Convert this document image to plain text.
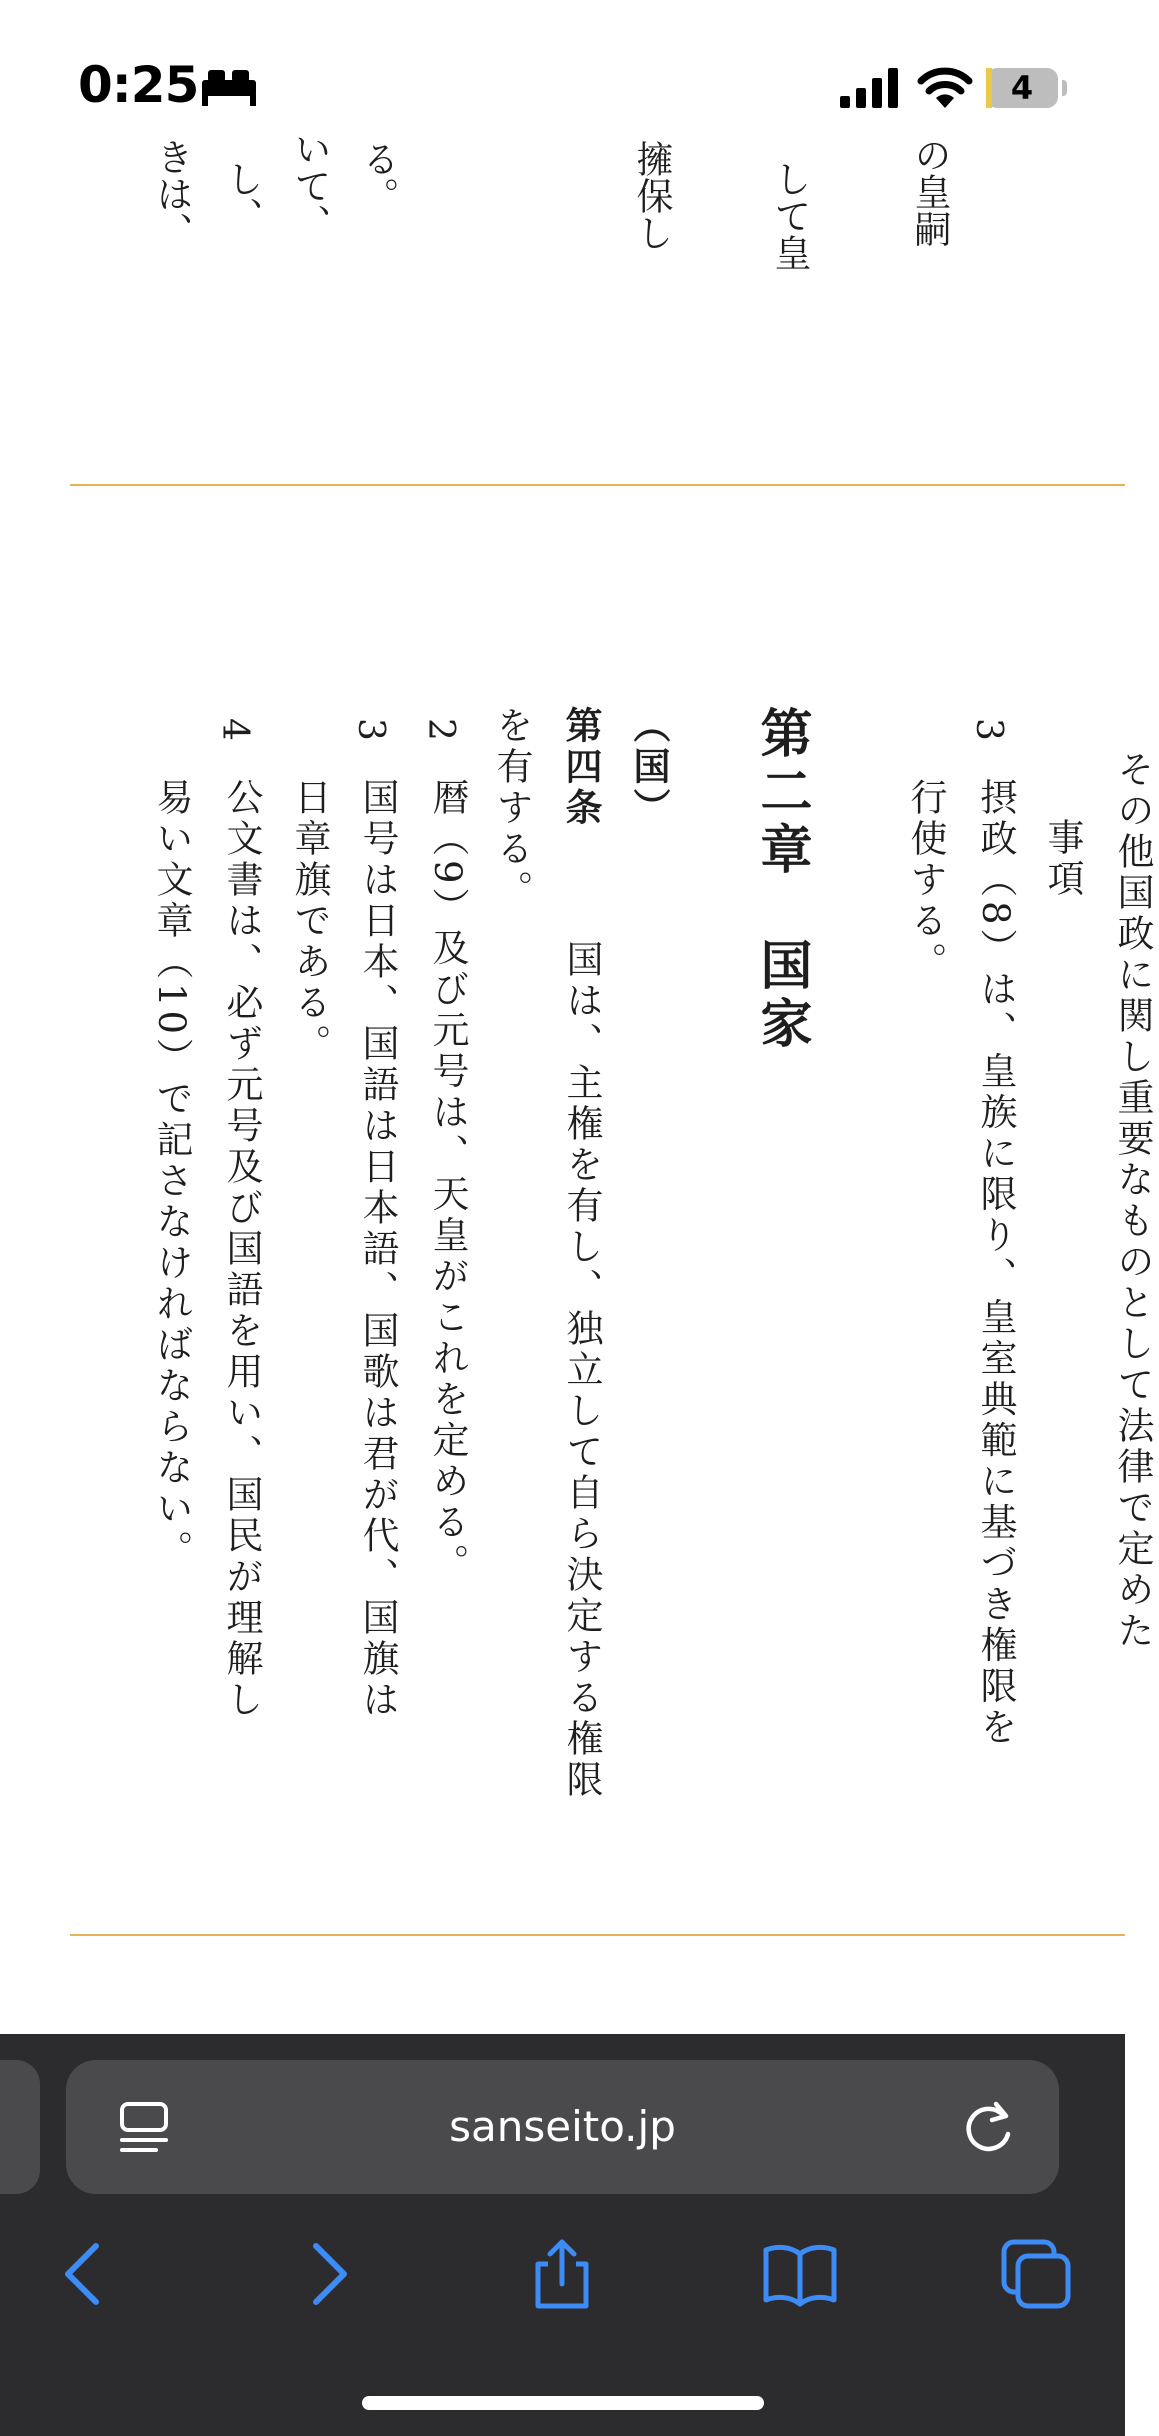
0:25	4
の皇嗣
して皇
擁保し
る。
いて、
し、
きは、
その他国政に関し重要なものとして法律で定めた
事項
3
摂政（8）は、皇族に限り、皇室典範に基づき権限を
行使する。
第二章　国家
（国）
第四条
国は、主権を有し、独立して自ら決定する権限
を有する。
2
暦（9）及び元号は、天皇がこれを定める。
3
国号は日本、国語は日本語、国歌は君が代、国旗は
日章旗である。
4
公文書は、必ず元号及び国語を用い、国民が理解し
易い文章（10）で記さなければならない。
sanseito.jp
